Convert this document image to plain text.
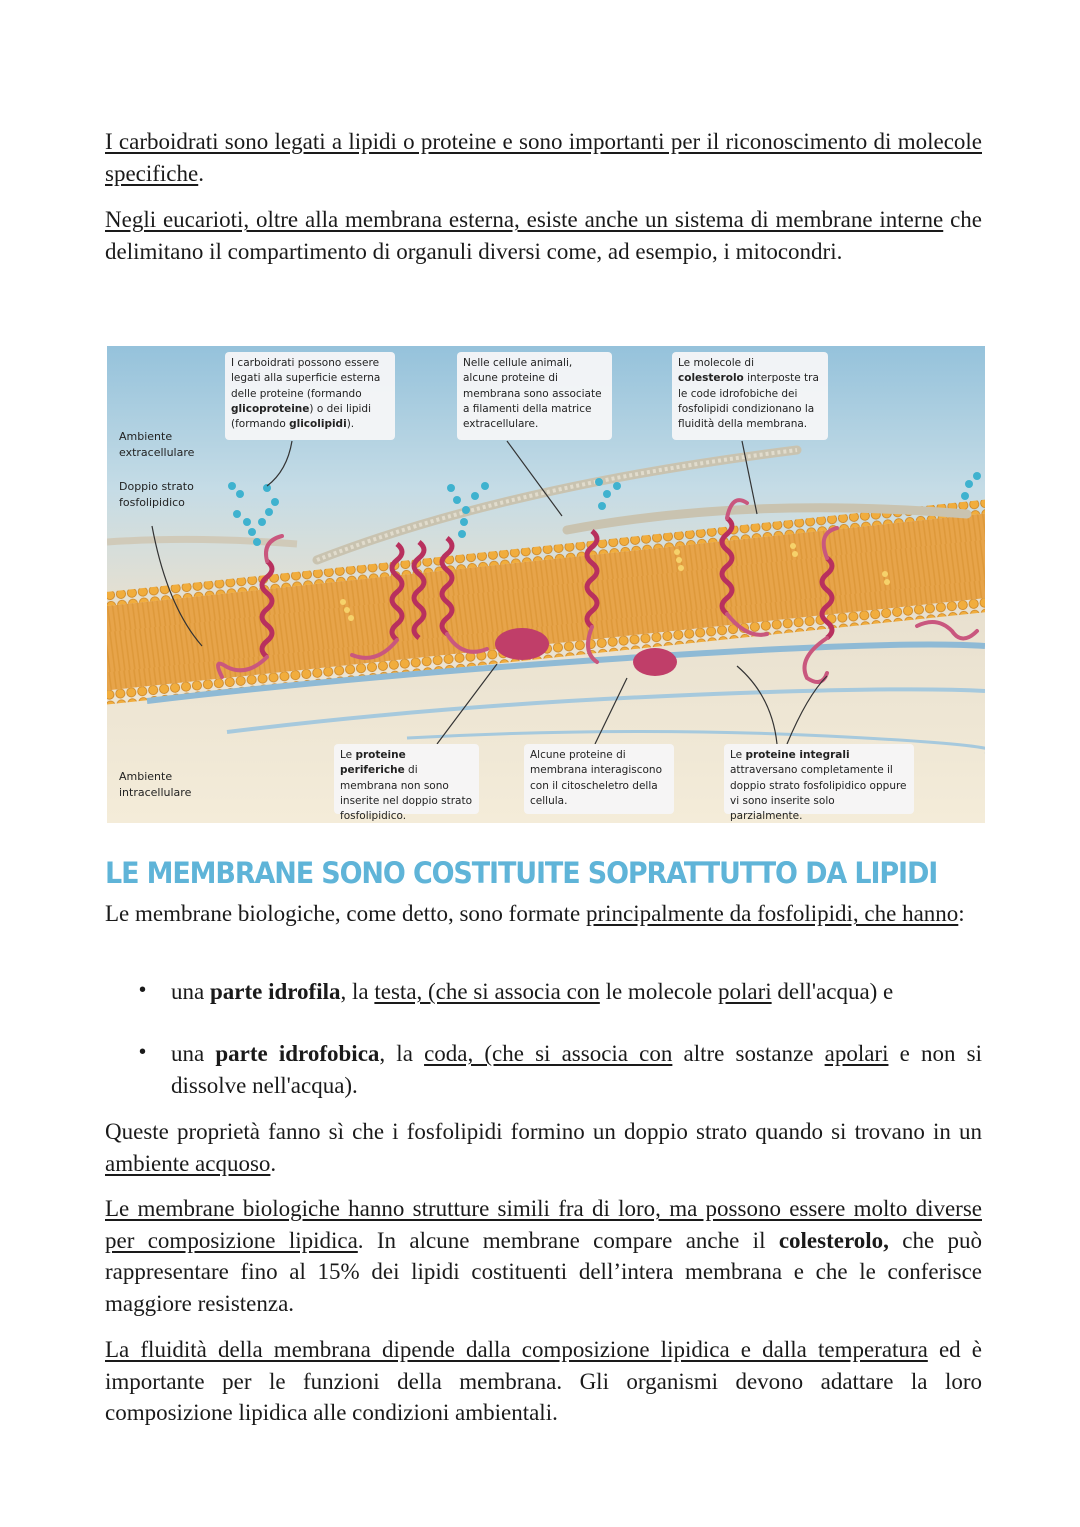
I carboidrati sono legati a lipidi o proteine e sono importanti per il riconoscimento di molecole specifiche.

Negli eucarioti, oltre alla membrana esterna, esiste anche un sistema di membrane interne che delimitano il compartimento di organuli diversi come, ad esempio, i mitocondri.

Ambiente extracellulare
Doppio strato fosfolipidico
Ambiente intracellulare
I carboidrati possono essere legati alla superficie esterna delle proteine (formando glicoproteine) o dei lipidi (formando glicolipidi).
Nelle cellule animali, alcune proteine di membrana sono associate a filamenti della matrice extracellulare.
Le molecole di colesterolo interposte tra le code idrofobiche dei fosfolipidi condizionano la fluidità della membrana.
Le proteine periferiche di membrana non sono inserite nel doppio strato fosfolipidico.
Alcune proteine di membrana interagiscono con il citoscheletro della cellula.
Le proteine integrali attraversano completamente il doppio strato fosfolipidico oppure vi sono inserite solo parzialmente.
LE MEMBRANE SONO COSTITUITE SOPRATTUTTO DA LIPIDI

Le membrane biologiche, come detto, sono formate principalmente da fosfolipidi, che hanno:

• una parte idrofila, la testa, (che si associa con le molecole polari dell'acqua) e

• una parte idrofobica, la coda, (che si associa con altre sostanze apolari e non si dissolve nell'acqua).

Queste proprietà fanno sì che i fosfolipidi formino un doppio strato quando si trovano in un ambiente acquoso.

Le membrane biologiche hanno strutture simili fra di loro, ma possono essere molto diverse per composizione lipidica. In alcune membrane compare anche il colesterolo, che può rappresentare fino al 15% dei lipidi costituenti dell’intera membrana e che le conferisce maggiore resistenza.

La fluidità della membrana dipende dalla composizione lipidica e dalla temperatura ed è importante per le funzioni della membrana. Gli organismi devono adattare la loro composizione lipidica alle condizioni ambientali.
